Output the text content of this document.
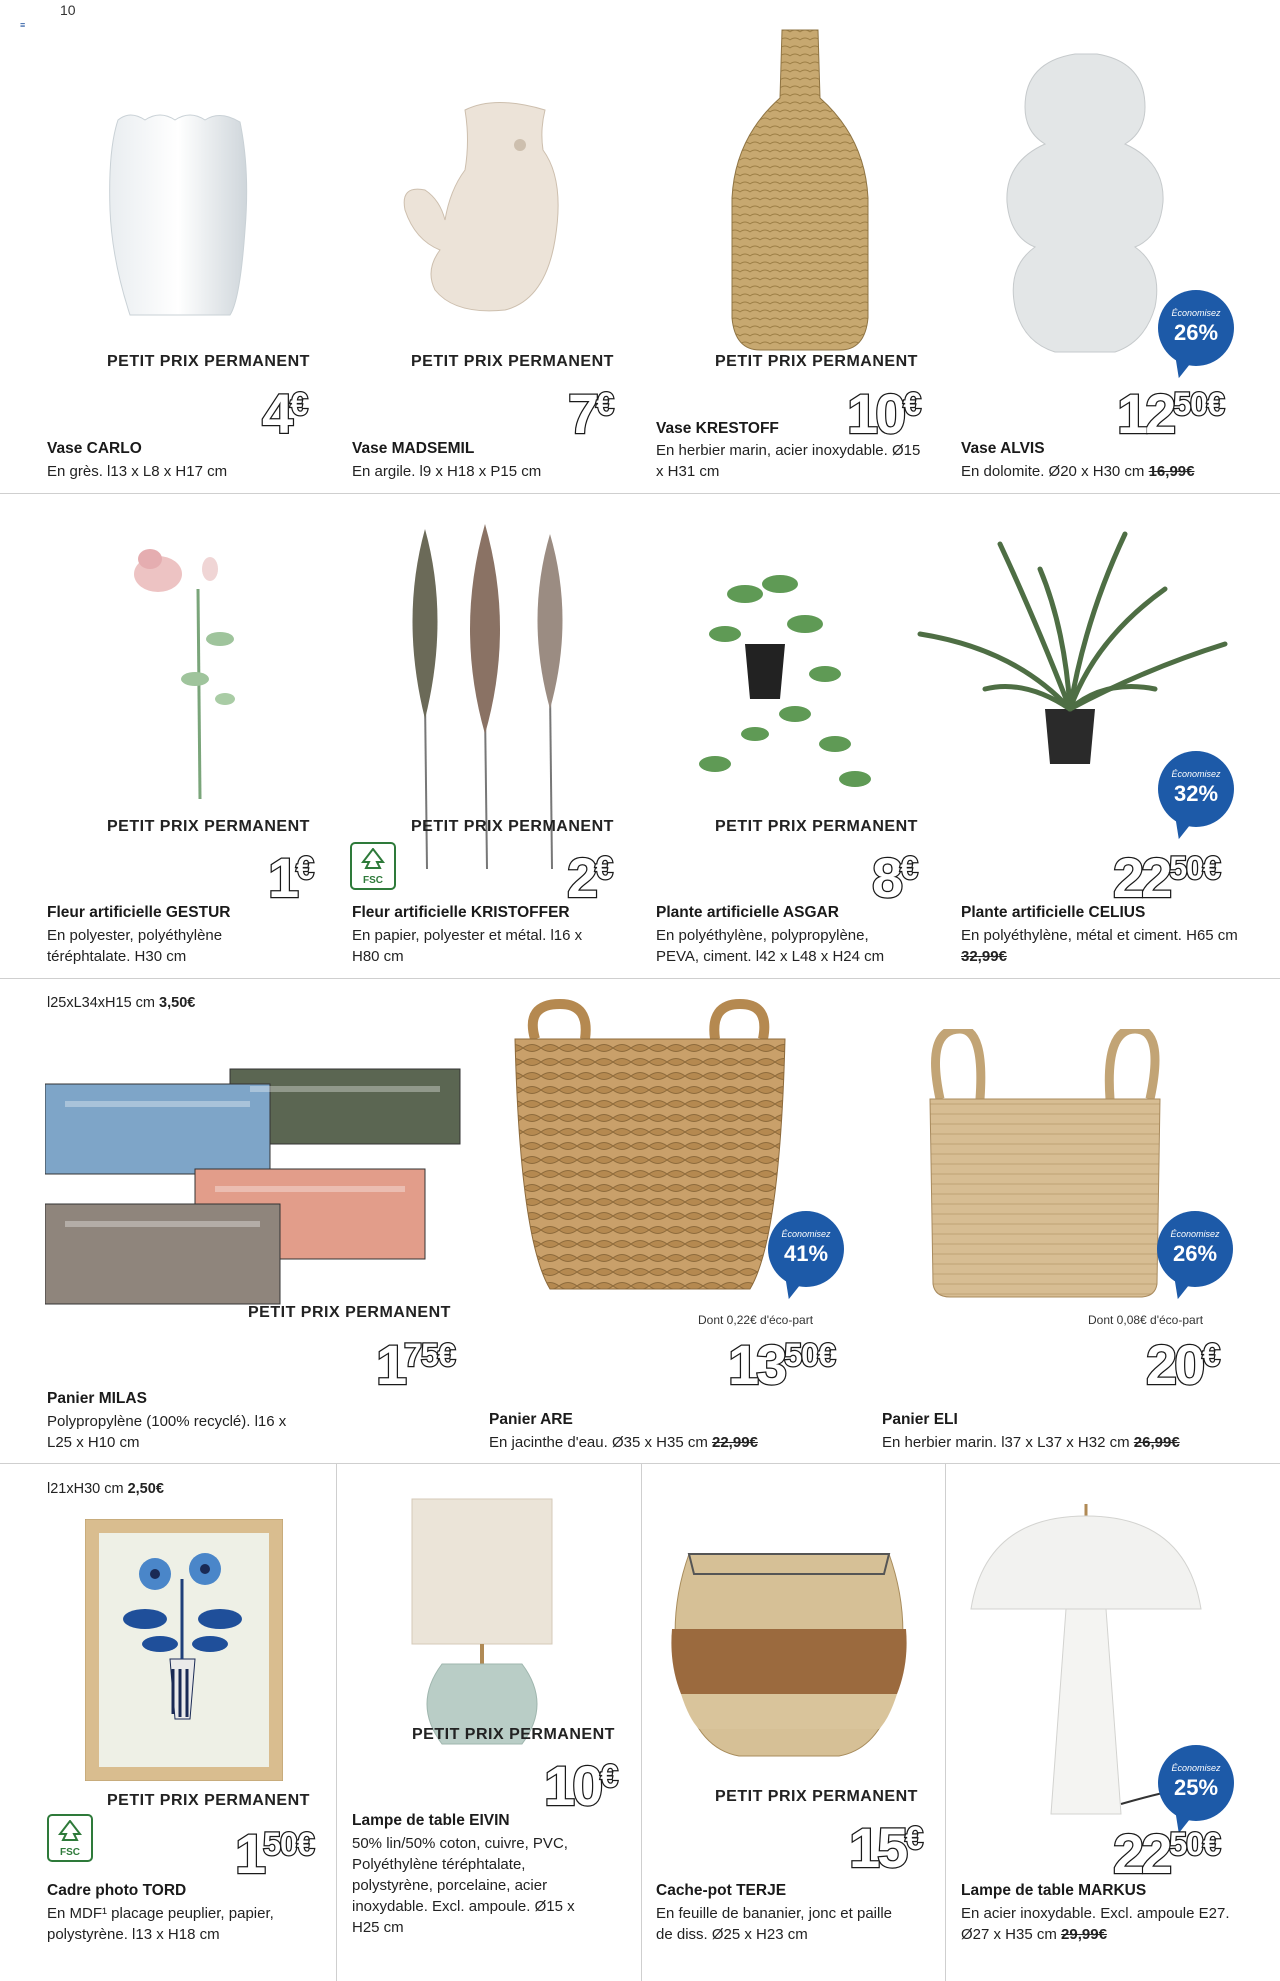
10
≡
PETIT PRIX PERMANENT
4€
Vase CARLO
En grès. l13 x L8 x H17 cm
PETIT PRIX PERMANENT
7€
Vase MADSEMIL
En argile. l9 x H18 x P15 cm
PETIT PRIX PERMANENT
10€
Vase KRESTOFF
En herbier marin, acier inoxydable. Ø15 x H31 cm
Économisez
26%
1250€
Vase ALVIS
En dolomite. Ø20 x H30 cm 16,99€
PETIT PRIX PERMANENT
1€
Fleur artificielle GESTUR
En polyester, polyéthylène téréphtalate. H30 cm
FSC
PETIT PRIX PERMANENT
2€
Fleur artificielle KRISTOFFER
En papier, polyester et métal. l16 x H80 cm
PETIT PRIX PERMANENT
8€
Plante artificielle ASGAR
En polyéthylène, polypropylène, PEVA, ciment. l42 x L48 x H24 cm
Économisez
32%
2250€
Plante artificielle CELIUS
En polyéthylène, métal et ciment. H65 cm 32,99€
l25xL34xH15 cm 3,50€
PETIT PRIX PERMANENT
175€
Panier MILAS
Polypropylène (100% recyclé). l16 x L25 x H10 cm
Économisez
41%
Dont 0,22€ d'éco-part
1350€
Panier ARE
En jacinthe d'eau. Ø35 x H35 cm 22,99€
Économisez
26%
Dont 0,08€ d'éco-part
20€
Panier ELI
En herbier marin. l37 x L37 x H32 cm 26,99€
l21xH30 cm 2,50€
PETIT PRIX PERMANENT
FSC	150€
Cadre photo TORD
En MDF¹ placage peuplier, papier, polystyrène. l13 x H18 cm
PETIT PRIX PERMANENT
10€
Lampe de table EIVIN
50% lin/50% coton, cuivre, PVC, Polyéthylène téréphtalate, polystyrène, porcelaine, acier inoxydable. Excl. ampoule. Ø15 x H25 cm
PETIT PRIX PERMANENT
15€
Cache-pot TERJE
En feuille de bananier, jonc et paille de diss. Ø25 x H23 cm
Économisez
25%
2250€
Lampe de table MARKUS
En acier inoxydable. Excl. ampoule E27. Ø27 x H35 cm 29,99€
